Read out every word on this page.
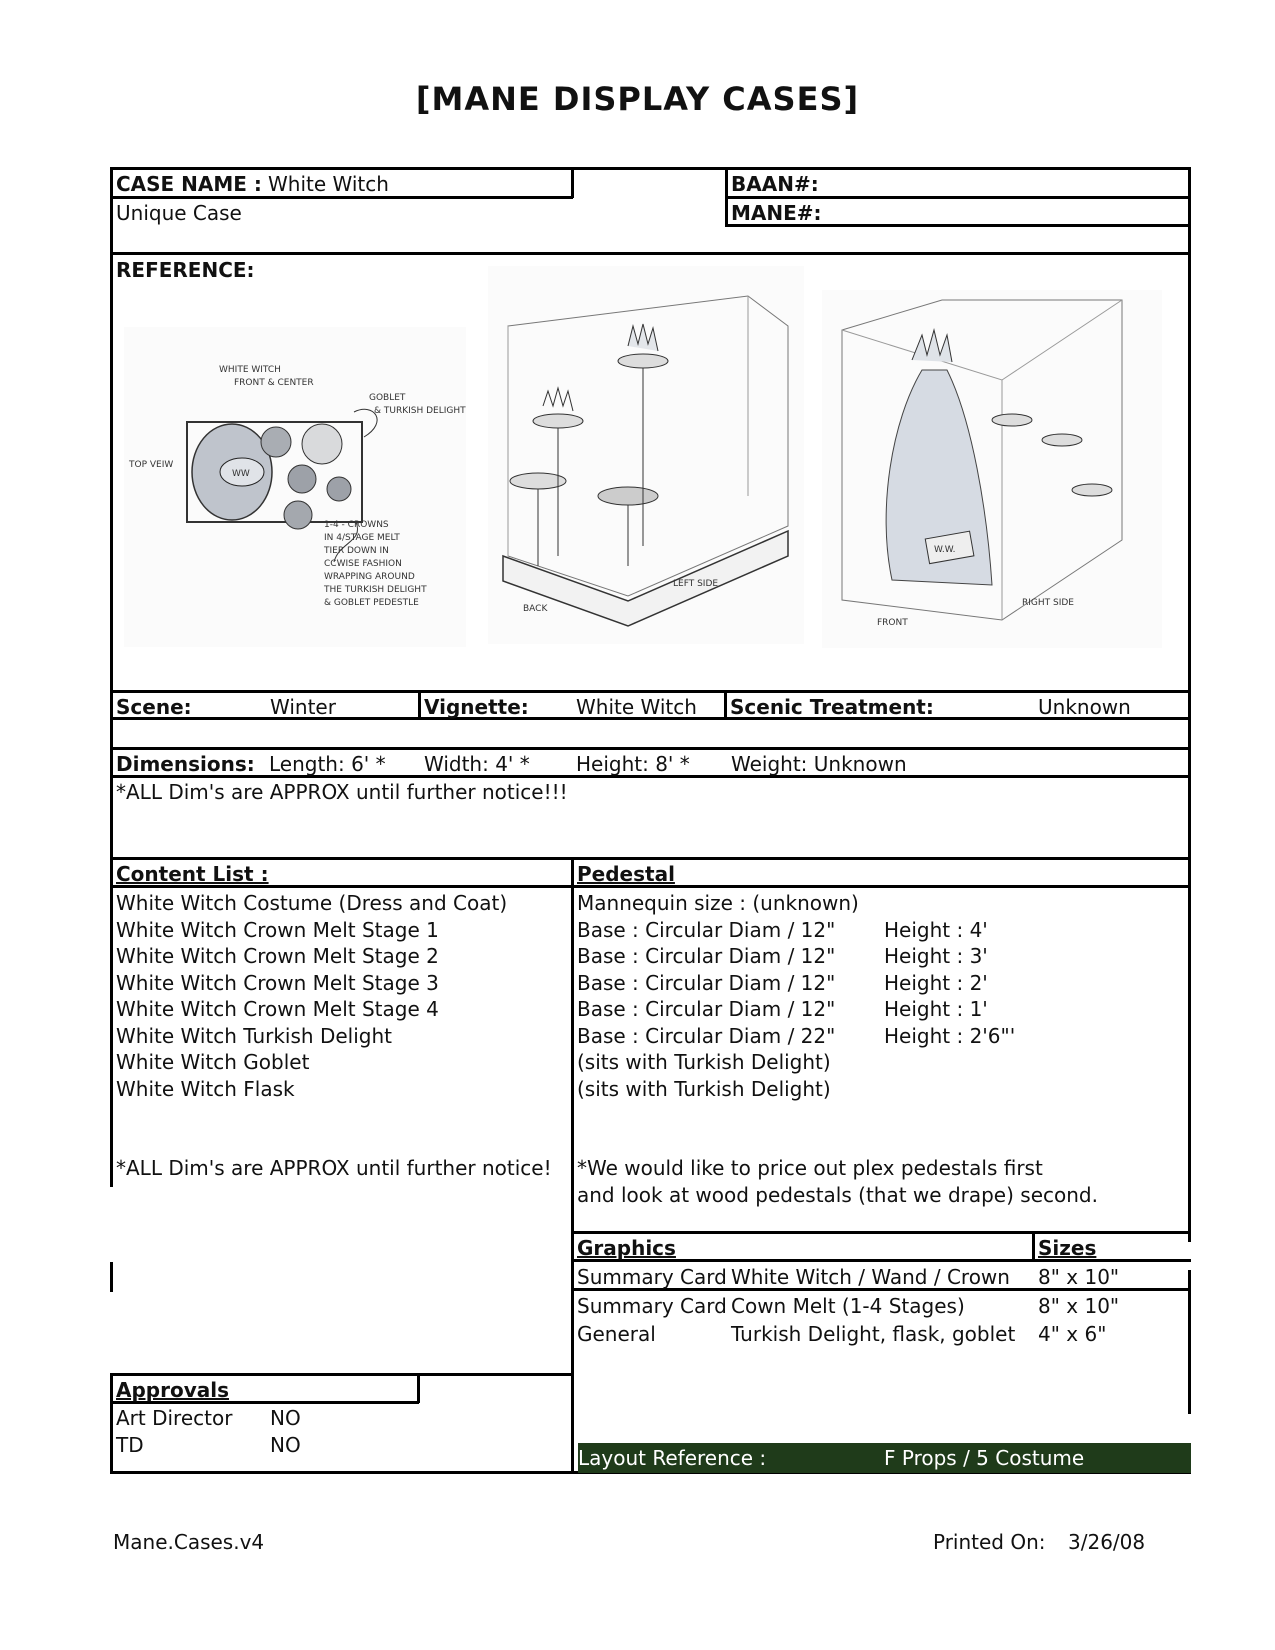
[MANE DISPLAY CASES]
CASE NAME : White Witch
Unique Case
BAAN#:
MANE#:
REFERENCE:
WW
WHITE WITCH
FRONT & CENTER
GOBLET
& TURKISH DELIGHT
TOP VEIW
1-4 - CROWNS
IN 4/STAGE MELT
TIER DOWN IN
CCWISE FASHION
WRAPPING AROUND
THE TURKISH DELIGHT
& GOBLET PEDESTLE
BACK
LEFT SIDE
W.W.
FRONT
RIGHT SIDE
Scene:	Winter	Vignette: White Witch Scenic Treatment:	Unknown
Dimensions: Length: 6' * Width: 4' * Height: 8' * Weight: Unknown
*ALL Dim's are APPROX until further notice!!!
Content List :
White Witch Costume (Dress and Coat)
White Witch Crown Melt Stage 1
White Witch Crown Melt Stage 2
White Witch Crown Melt Stage 3
White Witch Crown Melt Stage 4
White Witch Turkish Delight
White Witch Goblet
White Witch Flask
*ALL Dim's are APPROX until further notice!
Pedestal
Mannequin size : (unknown)
Base : Circular Diam / 12" Height : 4'
Base : Circular Diam / 12" Height : 3'
Base : Circular Diam / 12" Height : 2'
Base : Circular Diam / 12" Height : 1'
Base : Circular Diam / 22" Height : 2'6"'
(sits with Turkish Delight)
(sits with Turkish Delight)
*We would like to price out plex pedestals first
and look at wood pedestals (that we drape) second.
Graphics	Sizes
Summary Card White Witch / Wand / Crown 8" x 10"
Summary Card Cown Melt (1-4 Stages)	8" x 10"
General	Turkish Delight, flask, goblet 4" x 6"
Approvals
Art Director NO
TD	NO
Layout Reference :	F Props / 5 Costume
Mane.Cases.v4	Printed On: 3/26/08
